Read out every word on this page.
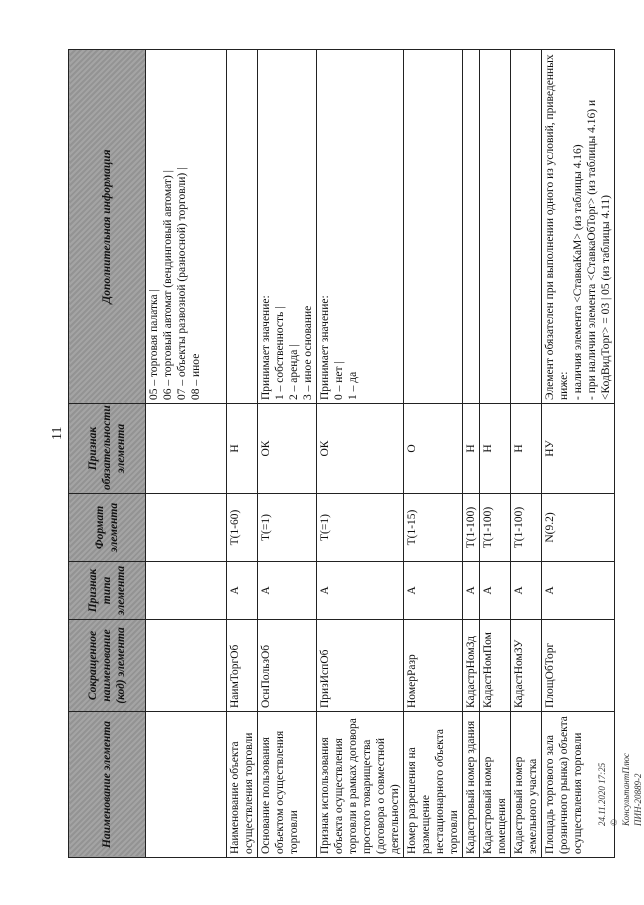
11
Наименование элемента	Сокращенное наименование (код) элемента	Признак типа элемента	Формат элемента	Признак обязательности элемента	Дополнительная информация
					05 – торговая палатка |
06 – торговый автомат (вендинговый автомат) |
07 – объекты развозной (разносной) торговли) |
08 – иное
Наименование объекта осуществления торговли	НаимТоргОб	А	T(1-60)	Н	
Основание пользования объектом осуществления торговли	ОснПользОб	А	T(=1)	ОК	Принимает значение:
1 – собственность |
2 – аренда |
3 – иное основание
Признак использования объекта осуществления торговли в рамках договора простого товарищества (договора о совместной деятельности)	ПризИспОб	А	T(=1)	ОК	Принимает значение:
0 – нет |
1 – да
Номер разрешения на размещение нестационарного объекта торговли	НомерРазр	А	T(1-15)	О	
Кадастровый номер здания	КадастрНомЗд	А	T(1-100)	Н	
Кадастровый номер помещения	КадастНомПом	А	T(1-100)	Н	
Кадастровый номер земельного участка	КадастНомЗУ	А	T(1-100)	Н	
Площадь торгового зала (розничного рынка) объекта осуществления торговли	ПлощОбТорг	А	N(9.2)	НУ	Элемент обязателен при выполнении одного из условий, приведенных ниже:
- наличия элемента <СтавкаКаМ> (из таблицы 4.16)
- при наличии элемента <СтавкаОбТорг> (из таблицы 4.16) и <КодВидТорг> = 03 | 05 (из таблицы 4.11)
24.11.2020 17:25 © КонсультантПлюс ПИН-20889-2
